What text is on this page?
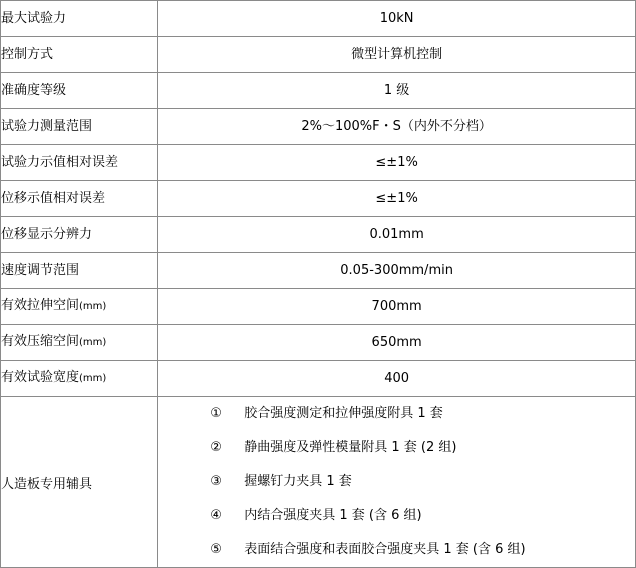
最大试验力	10kN
控制方式	微型计算机控制
准确度等级	1 级
试验力测量范围	2%～100%F・S（内外不分档）
试验力示值相对误差	≤±1%
位移示值相对误差	≤±1%
位移显示分辨力	0.01mm
速度调节范围	0.05-300mm/min
有效拉伸空间(mm)	700mm
有效压缩空间(mm)	650mm
有效试验宽度(mm)	400
人造板专用辅具	
①	胶合强度测定和拉伸强度附具 1 套
②	静曲强度及弹性模量附具 1 套 (2 组)
③	握螺钉力夹具 1 套
④	内结合强度夹具 1 套 (含 6 组)
⑤	表面结合强度和表面胶合强度夹具 1 套 (含 6 组)
